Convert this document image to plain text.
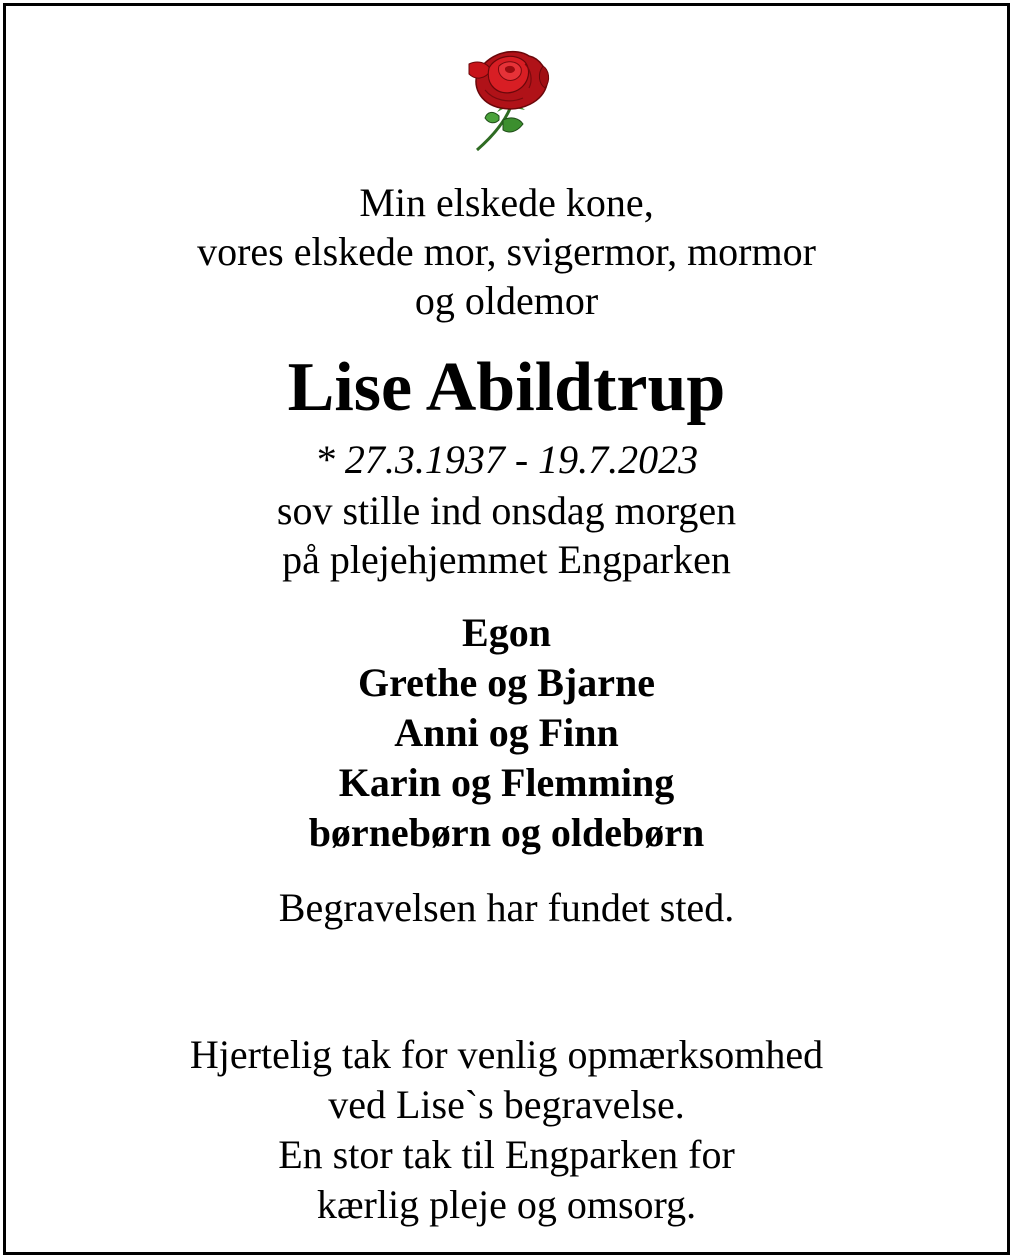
Min elskede kone,
vores elskede mor, svigermor, mormor
og oldemor
Lise Abildtrup
* 27.3.1937 - 19.7.2023
sov stille ind onsdag morgen
på plejehjemmet Engparken
Egon
Grethe og Bjarne
Anni og Finn
Karin og Flemming
børnebørn og oldebørn
Begravelsen har fundet sted.
Hjertelig tak for venlig opmærksomhed
ved Lise`s begravelse.
En stor tak til Engparken for
kærlig pleje og omsorg.
